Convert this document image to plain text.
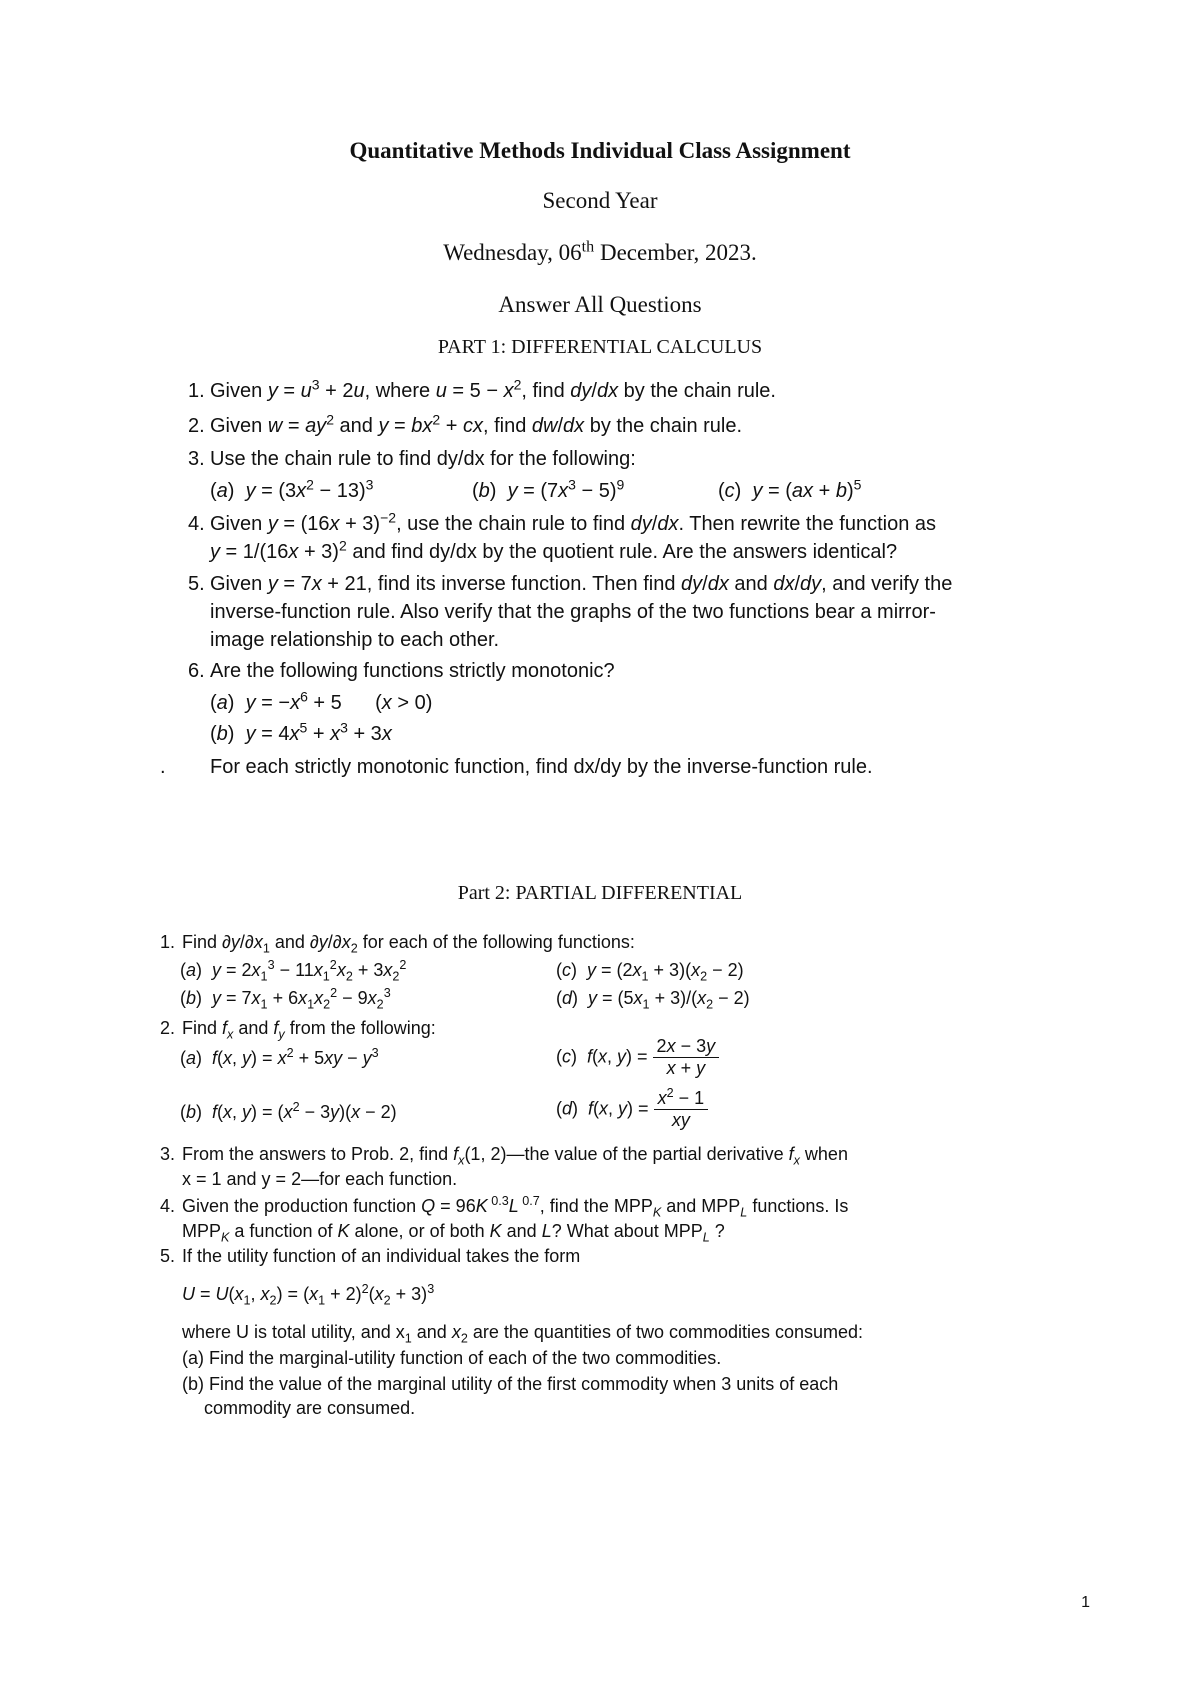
Quantitative Methods Individual Class Assignment
Second Year
Wednesday, 06th December, 2023.
Answer All Questions
PART 1: DIFFERENTIAL CALCULUS
1. Given $y = u^3 + 2u$, where $u = 5 - x^2$, find dy/dx by the chain rule.
2. Given $w = ay^2$ and $y = bx^2$ + cx, find dw/dx by the chain rule.
3. Use the chain rule to find dy/dx for the following:
(a)  $y = (3x^2 - 13)^3$	(b)  $y = (7x^3 - 5)^9$	(c)  y = (ax + b)$^5$
4. Given $y = (16x + 3)^{-2}$, use the chain rule to find dy/dx. Then rewrite the function as
$y = 1/(16x + 3)^2$ and find dy/dx by the quotient rule. Are the answers identical?
5. Given y = 7x + 21, find its inverse function. Then find dy/dx and dx/dy, and verify the
inverse-function rule. Also verify that the graphs of the two functions bear a mirror-
image relationship to each other.
6. Are the following functions strictly monotonic?
(a)  $y = -x^6 + 5$      (x > 0)
(b)  $y = 4x^5 + x^3 + 3x$
. For each strictly monotonic function, find dx/dy by the inverse-function rule.
Part 2: PARTIAL DIFFERENTIAL
1. Find $\partial y/\partial x_1$ and $\partial y/\partial x_2$ for each of the following functions:
(a)  $y = 2x_1^3 - 11x_1^2x_2 + 3x_2^2$	(c)  $y = (2x_1 + 3)(x_2 - 2)$
(b)  $y = 7x_1 + 6x_1x_2^2 - 9x_2^3$	(d)  $y = (5x_1 + 3)/(x_2 - 2)$
2. Find $f_x$ and $f_y$ from the following:
(a)  f(x, $y) = x^2 + 5xy - y^3$	(c)  f(x, $y) = \frac{2x - 3y}{x + y}$
(b)  f(x, $y) = (x^2 - 3y)(x - 2)$	(d)  f(x, $y) = \frac{x^2 - 1}{xy}$
3. From the answers to Prob. 2, find $f_x(1$, 2)—the value of the partial derivative $f_x$ when
x = 1 and y = 2—for each function.
4. Given the production function Q = 96K $^{0.3}$L $^{0.7}$, find the $MPP_K$ and $MPP_L$ functions. Is
$MPP_K$ a function of K alone, or of both K and L? What about $MPP_L$ ?
5. If the utility function of an individual takes the form
$U = U(x_1$, $x_2) = (x_1 + 2)^2(x_2 + 3)^3$
where U is total utility, and $x_1$ and $x_2$ are the quantities of two commodities consumed:
(a) Find the marginal-utility function of each of the two commodities.
(b) Find the value of the marginal utility of the first commodity when 3 units of each
commodity are consumed.
1
